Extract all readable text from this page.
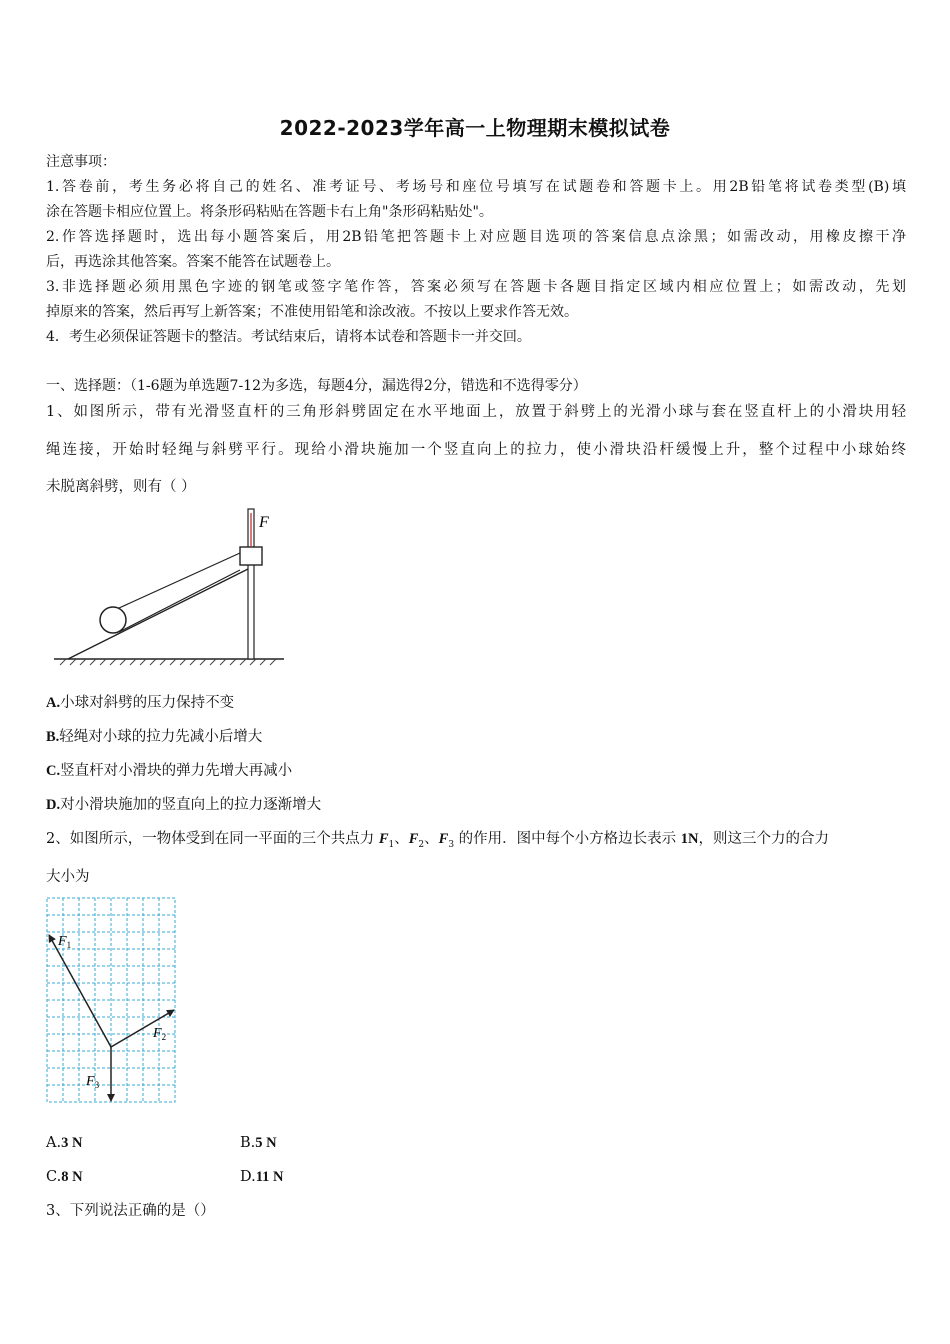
2022-2023学年高一上物理期末模拟试卷
注意事项：
1.答卷前，考生务必将自己的姓名、准考证号、考场号和座位号填写在试题卷和答题卡上。用2B铅笔将试卷类型(B)填
涂在答题卡相应位置上。将条形码粘贴在答题卡右上角"条形码粘贴处"。
2.作答选择题时，选出每小题答案后，用2B铅笔把答题卡上对应题目选项的答案信息点涂黑；如需改动，用橡皮擦干净
后，再选涂其他答案。答案不能答在试题卷上。
3.非选择题必须用黑色字迹的钢笔或签字笔作答，答案必须写在答题卡各题目指定区域内相应位置上；如需改动，先划
掉原来的答案，然后再写上新答案；不准使用铅笔和涂改液。不按以上要求作答无效。
4．考生必须保证答题卡的整洁。考试结束后，请将本试卷和答题卡一并交回。
一、选择题：（1-6题为单选题7-12为多选，每题4分，漏选得2分，错选和不选得零分）
1、如图所示，带有光滑竖直杆的三角形斜劈固定在水平地面上，放置于斜劈上的光滑小球与套在竖直杆上的小滑块用轻
绳连接，开始时轻绳与斜劈平行。现给小滑块施加一个竖直向上的拉力，使小滑块沿杆缓慢上升，整个过程中小球始终
未脱离斜劈，则有（ ）
F
A.小球对斜劈的压力保持不变
B.轻绳对小球的拉力先减小后增大
C.竖直杆对小滑块的弹力先增大再减小
D.对小滑块施加的竖直向上的拉力逐渐增大
2、如图所示，一物体受到在同一平面的三个共点力 $F_1$、$F_2$、$F_3$ 的作用．图中每个小方格边长表示 1N，则这三个力的合力
大小为
$F_1$
$F_2$
$F_3$
A.3 N	B.5 N
C.8 N	D.11 N
3、下列说法正确的是（）
